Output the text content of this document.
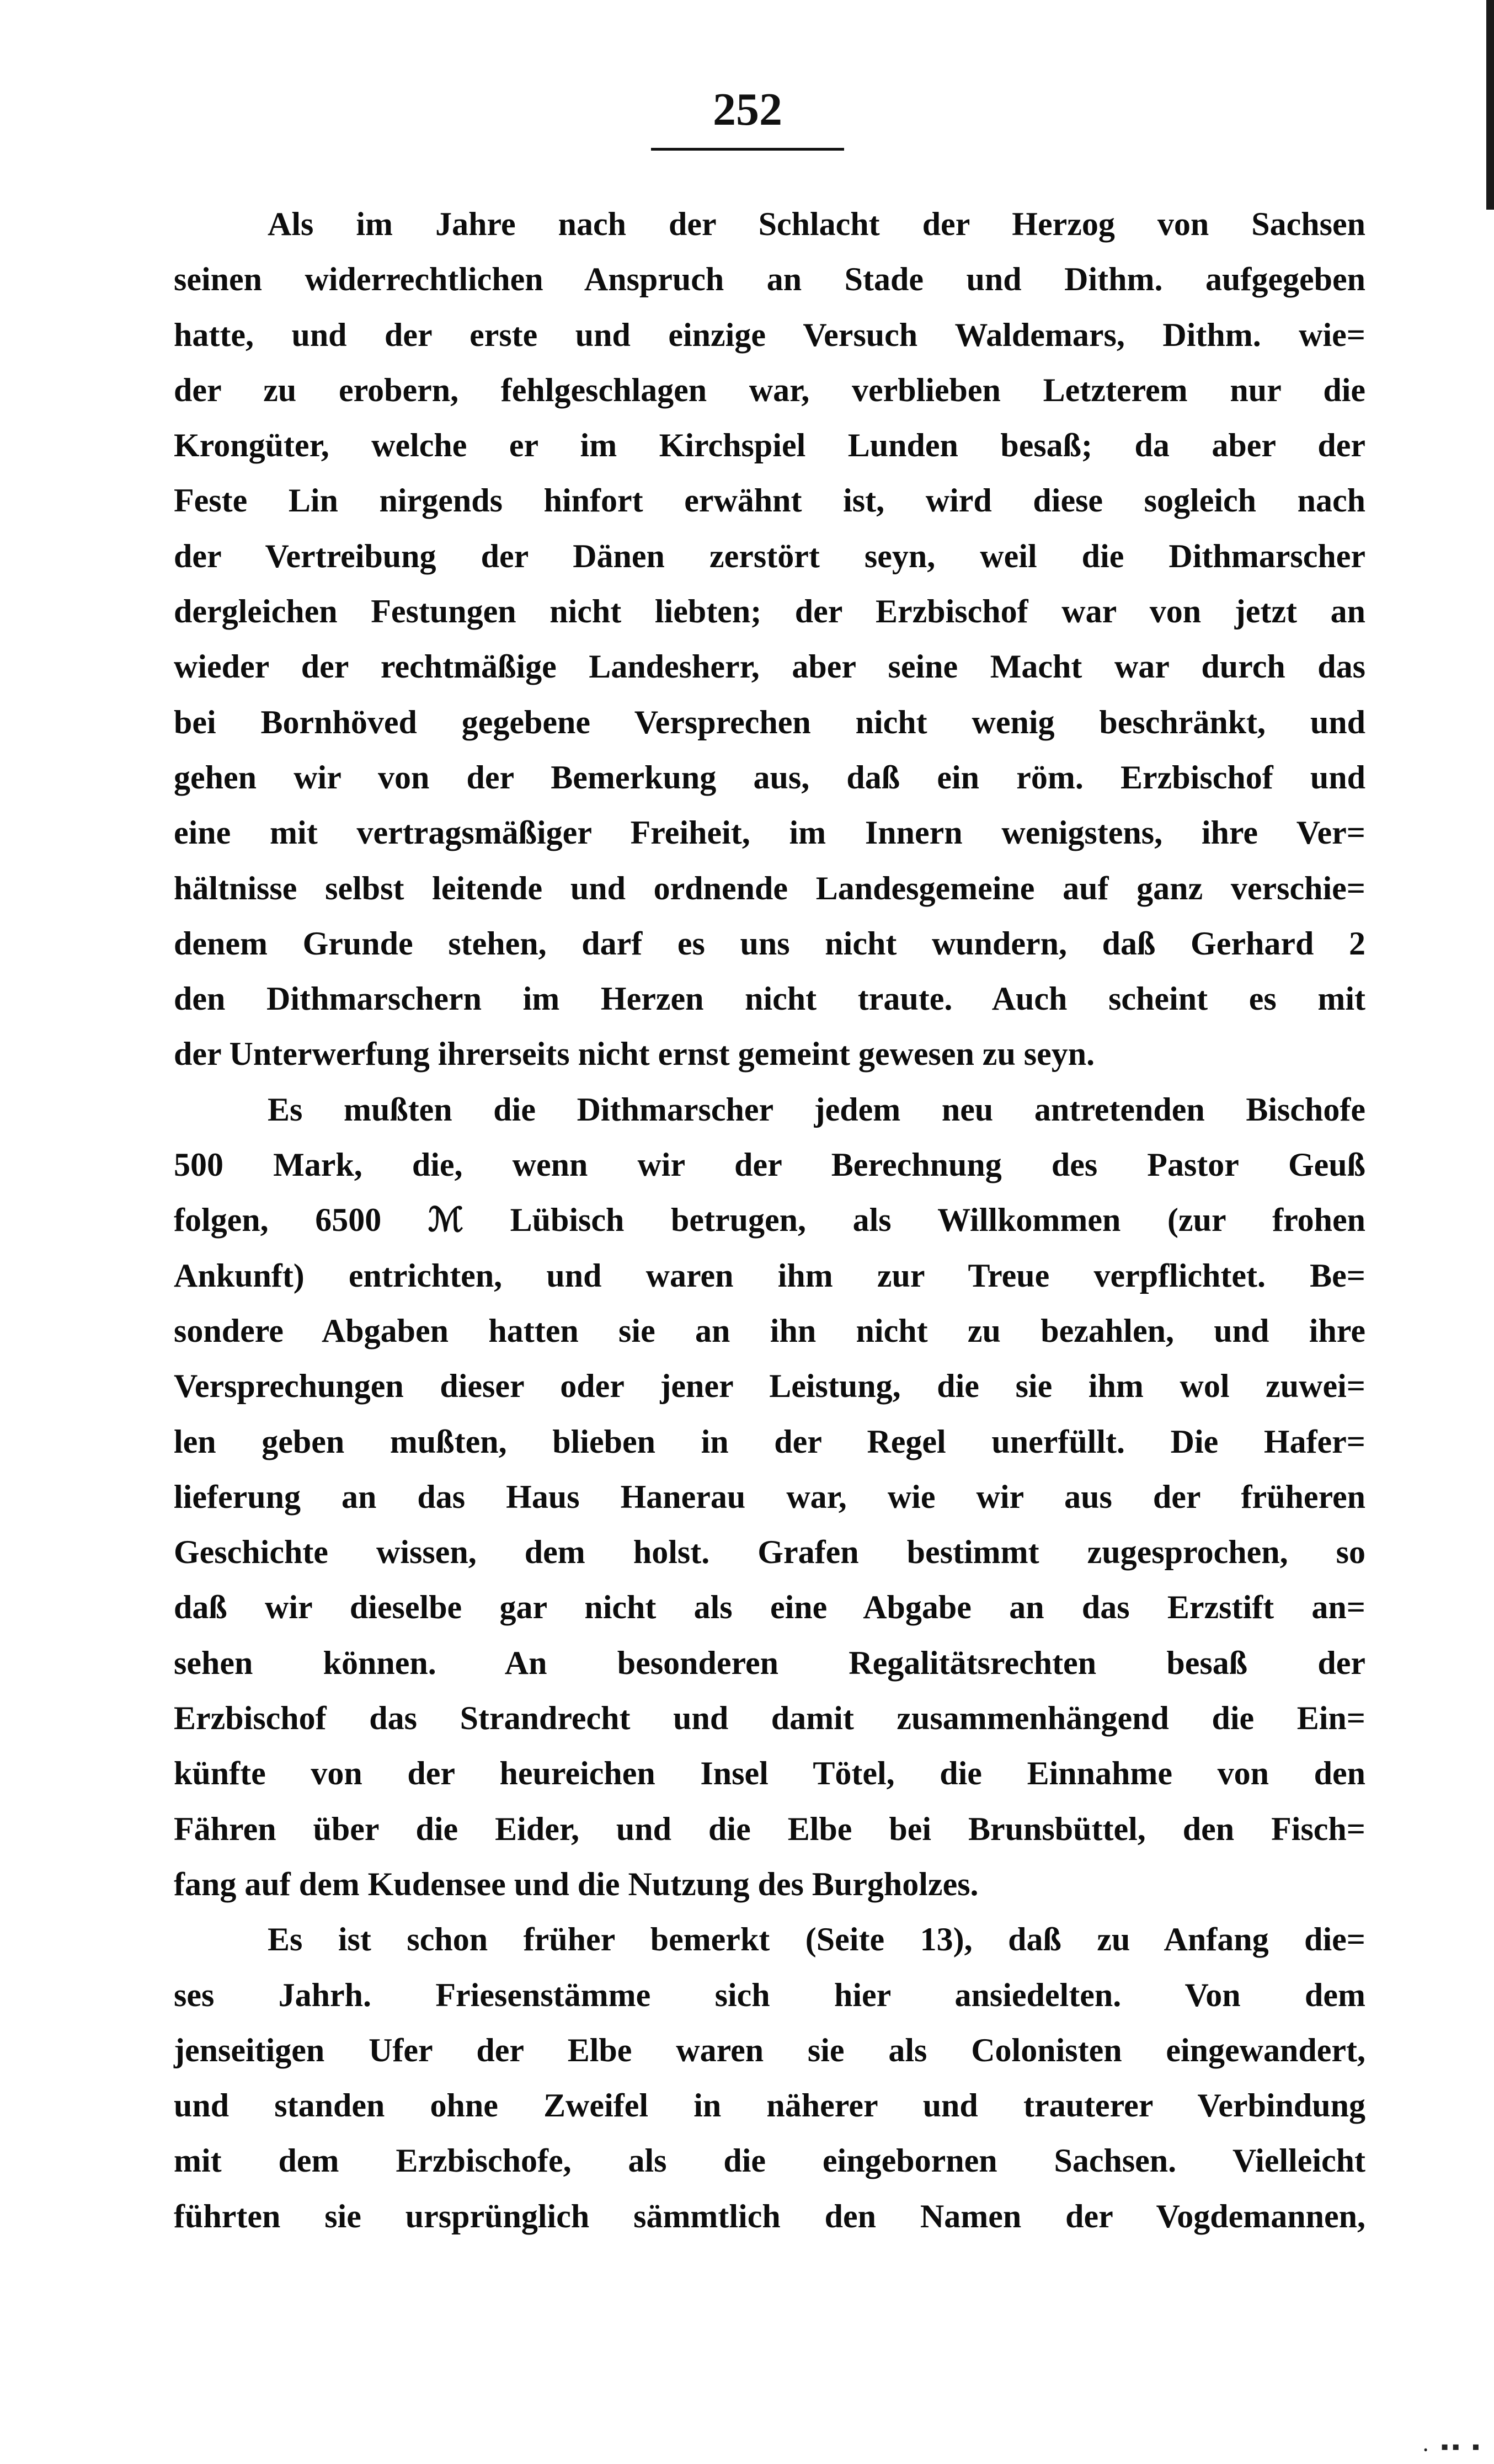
252
Als im Jahre nach der Schlacht der Herzog von Sachsen
seinen widerrechtlichen Anspruch an Stade und Dithm. aufgegeben
hatte, und der erste und einzige Versuch Waldemars, Dithm. wie=
der zu erobern, fehlgeschlagen war, verblieben Letzterem nur die
Krongüter, welche er im Kirchspiel Lunden besaß; da aber der
Feste Lin nirgends hinfort erwähnt ist, wird diese sogleich nach
der Vertreibung der Dänen zerstört seyn, weil die Dithmarscher
dergleichen Festungen nicht liebten; der Erzbischof war von jetzt an
wieder der rechtmäßige Landesherr, aber seine Macht war durch das
bei Bornhöved gegebene Versprechen nicht wenig beschränkt, und
gehen wir von der Bemerkung aus, daß ein röm. Erzbischof und
eine mit vertragsmäßiger Freiheit, im Innern wenigstens, ihre Ver=
hältnisse selbst leitende und ordnende Landesgemeine auf ganz verschie=
denem Grunde stehen, darf es uns nicht wundern, daß Gerhard 2
den Dithmarschern im Herzen nicht traute. Auch scheint es mit
der Unterwerfung ihrerseits nicht ernst gemeint gewesen zu seyn.
Es mußten die Dithmarscher jedem neu antretenden Bischofe
500 Mark, die, wenn wir der Berechnung des Pastor Geuß
folgen, 6500 ℳ Lübisch betrugen, als Willkommen (zur frohen
Ankunft) entrichten, und waren ihm zur Treue verpflichtet. Be=
sondere Abgaben hatten sie an ihn nicht zu bezahlen, und ihre
Versprechungen dieser oder jener Leistung, die sie ihm wol zuwei=
len geben mußten, blieben in der Regel unerfüllt. Die Hafer=
lieferung an das Haus Hanerau war, wie wir aus der früheren
Geschichte wissen, dem holst. Grafen bestimmt zugesprochen, so
daß wir dieselbe gar nicht als eine Abgabe an das Erzstift an=
sehen können. An besonderen Regalitätsrechten besaß der
Erzbischof das Strandrecht und damit zusammenhängend die Ein=
künfte von der heureichen Insel Tötel, die Einnahme von den
Fähren über die Eider, und die Elbe bei Brunsbüttel, den Fisch=
fang auf dem Kudensee und die Nutzung des Burgholzes.
Es ist schon früher bemerkt (Seite 13), daß zu Anfang die=
ses Jahrh. Friesenstämme sich hier ansiedelten. Von dem
jenseitigen Ufer der Elbe waren sie als Colonisten eingewandert,
und standen ohne Zweifel in näherer und trauterer Verbindung
mit dem Erzbischofe, als die eingebornen Sachsen. Vielleicht
führten sie ursprünglich sämmtlich den Namen der Vogdemannen,
⸳ ▪▪ ▪
